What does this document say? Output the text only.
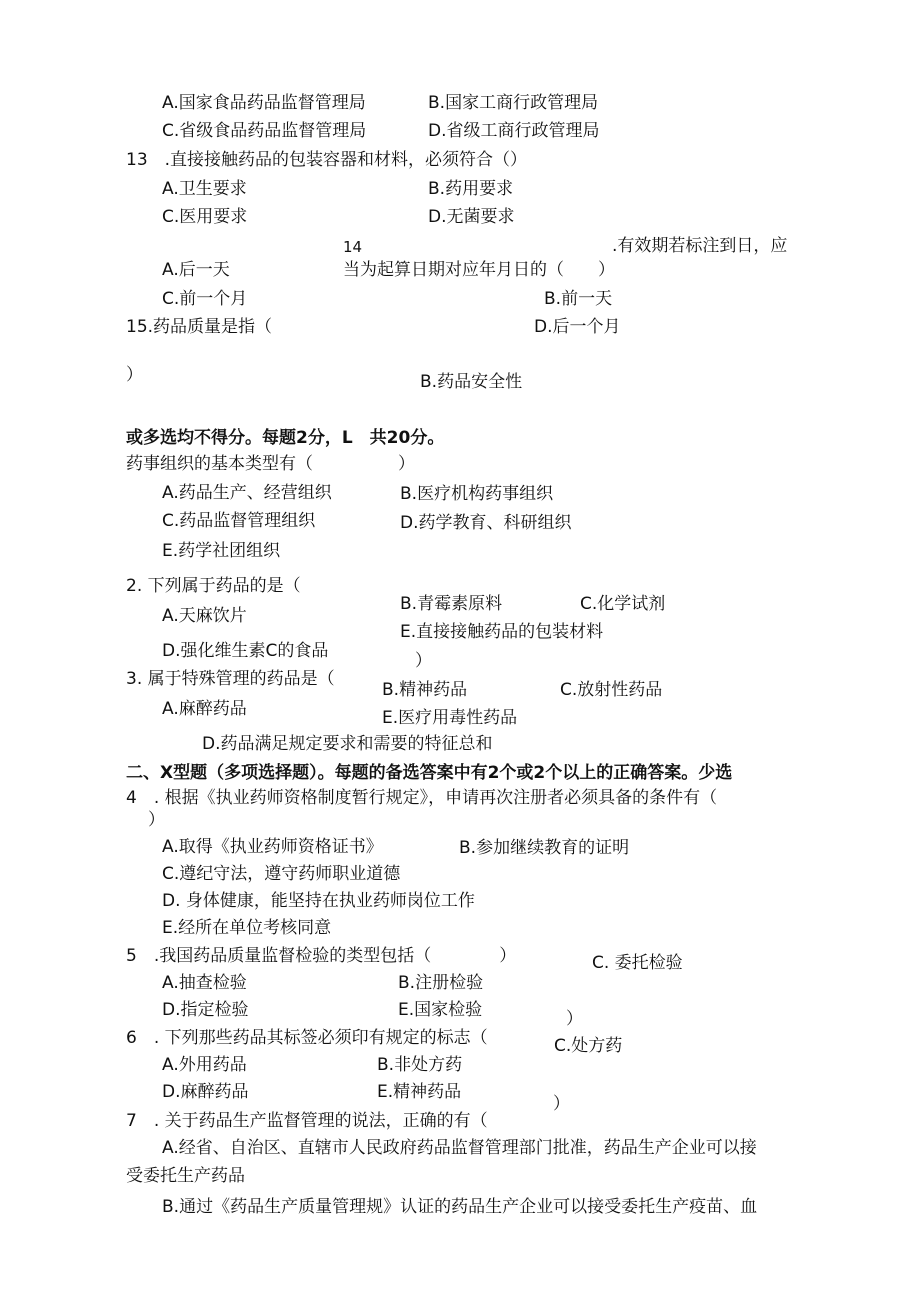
A.国家食品药品监督管理局	B.国家工商行政管理局
C.省级食品药品监督管理局	D.省级工商行政管理局
13　.直接接触药品的包装容器和材料，必须符合（）
A.卫生要求	B.药用要求
C.医用要求	D.无菌要求
14	.有效期若标注到日，应
A.后一天	当为起算日期对应年月日的（　　）
C.前一个月	B.前一天
15.药品质量是指（	D.后一个月
）	B.药品安全性
或多选均不得分。每题2分，L　共20分。
药事组织的基本类型有（　　　　　）
A.药品生产、经营组织	B.医疗机构药事组织
C.药品监督管理组织	D.药学教育、科研组织
E.药学社团组织
2. 下列属于药品的是（
B.青霉素原料	C.化学试剂
A.天麻饮片
E.直接接触药品的包装材料
D.强化维生素C的食品	）
3. 属于特殊管理的药品是（
B.精神药品	C.放射性药品
A.麻醉药品	E.医疗用毒性药品
D.药品满足规定要求和需要的特征总和
二、X型题（多项选择题）。每题的备选答案中有2个或2个以上的正确答案。少选
4　. 根据《执业药师资格制度暂行规定》，申请再次注册者必须具备的条件有（
）
A.取得《执业药师资格证书》	B.参加继续教育的证明
C.遵纪守法，遵守药师职业道德
D. 身体健康，能坚持在执业药师岗位工作
E.经所在单位考核同意
5　.我国药品质量监督检验的类型包括（　　　　）	C. 委托检验
A.抽查检验	B.注册检验
D.指定检验	E.国家检验	）
6　. 下列那些药品其标签必须印有规定的标志（	C.处方药
A.外用药品	B.非处方药
D.麻醉药品	E.精神药品
）
7　. 关于药品生产监督管理的说法，正确的有（
A.经省、自治区、直辖市人民政府药品监督管理部门批准，药品生产企业可以接
受委托生产药品
B.通过《药品生产质量管理规》认证的药品生产企业可以接受委托生产疫苗、血
